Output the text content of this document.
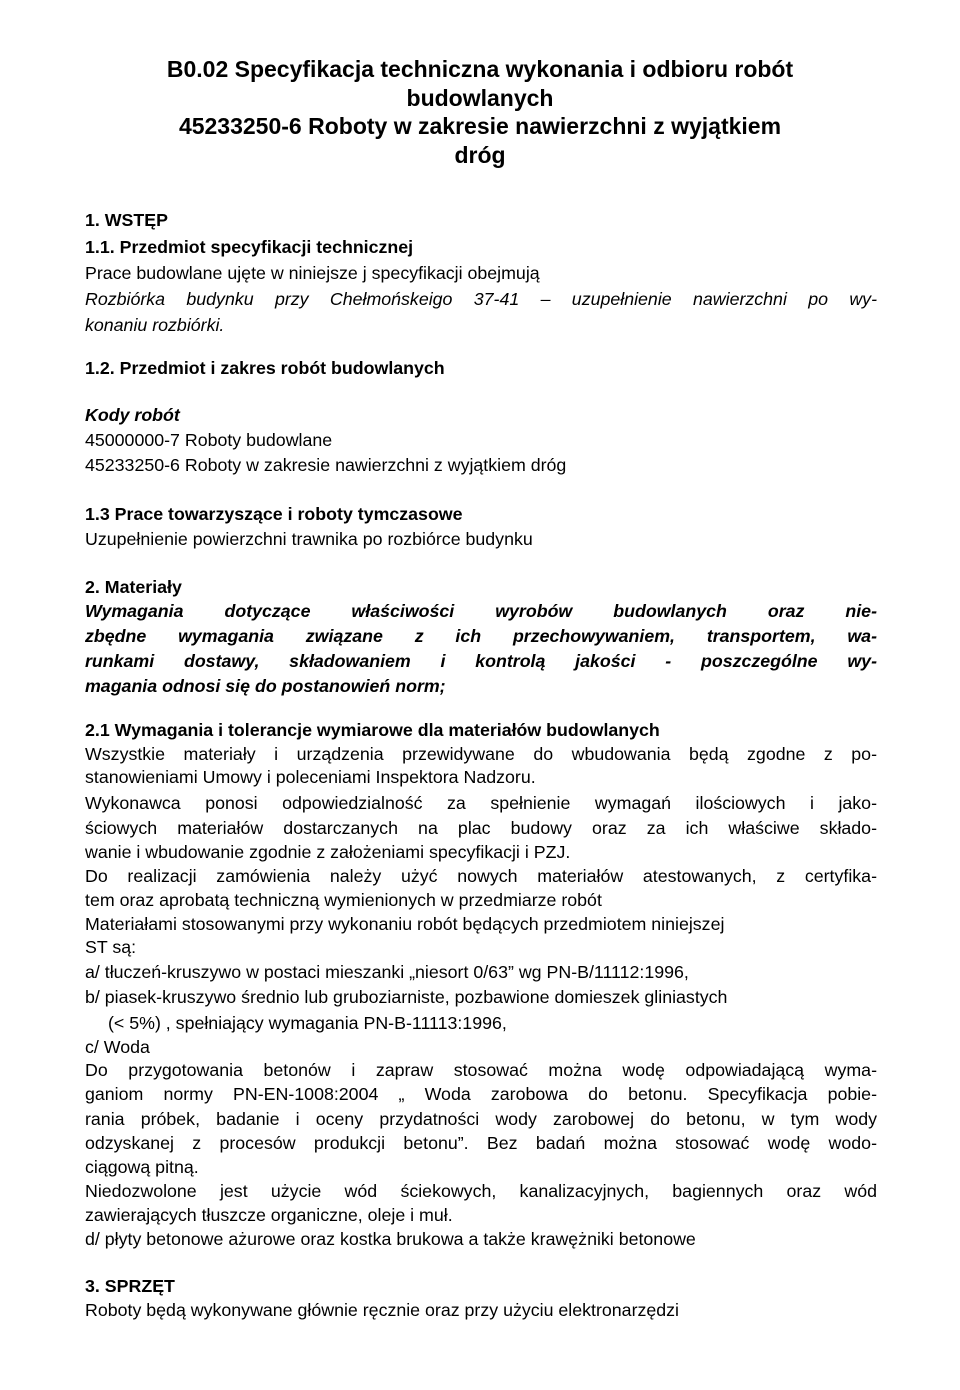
B0.02 Specyfikacja techniczna wykonania i odbioru robót
budowlanych
45233250-6 Roboty w zakresie nawierzchni z wyjątkiem
dróg
1. WSTĘP
1.1. Przedmiot specyfikacji technicznej
Prace budowlane ujęte w niniejsze j specyfikacji obejmują
Rozbiórka budynku przy Chełmońskeigo 37-41 – uzupełnienie nawierzchni po wy-
konaniu rozbiórki.
1.2. Przedmiot i zakres robót budowlanych
Kody robót
45000000-7 Roboty budowlane
45233250-6 Roboty w zakresie nawierzchni z wyjątkiem dróg
1.3 Prace towarzyszące i roboty tymczasowe
Uzupełnienie powierzchni trawnika po rozbiórce budynku
2. Materiały
Wymagania dotyczące właściwości wyrobów budowlanych oraz nie-
zbędne wymagania związane z ich przechowywaniem, transportem, wa-
runkami dostawy, składowaniem i kontrolą jakości - poszczególne wy-
magania odnosi się do postanowień norm;
2.1 Wymagania i tolerancje wymiarowe dla materiałów budowlanych
Wszystkie materiały i urządzenia przewidywane do wbudowania będą zgodne z po-
stanowieniami Umowy i poleceniami Inspektora Nadzoru.
Wykonawca ponosi odpowiedzialność za spełnienie wymagań ilościowych i jako-
ściowych materiałów dostarczanych na plac budowy oraz za ich właściwe składo-
wanie i wbudowanie zgodnie z założeniami specyfikacji i PZJ.
Do realizacji zamówienia należy użyć nowych materiałów atestowanych, z certyfika-
tem oraz aprobatą techniczną wymienionych w przedmiarze robót
Materiałami stosowanymi przy wykonaniu robót będących przedmiotem niniejszej
ST są:
a/ tłuczeń-kruszywo w postaci mieszanki „niesort 0/63” wg PN-B/11112:1996,
b/ piasek-kruszywo średnio lub gruboziarniste, pozbawione domieszek gliniastych
(< 5%) , spełniający wymagania PN-B-11113:1996,
c/ Woda
Do przygotowania betonów i zapraw stosować można wodę odpowiadającą wyma-
ganiom normy PN-EN-1008:2004 „ Woda zarobowa do betonu. Specyfikacja pobie-
rania próbek, badanie i oceny przydatności wody zarobowej do betonu, w tym wody
odzyskanej z procesów produkcji betonu”. Bez badań można stosować wodę wodo-
ciągową pitną.
Niedozwolone jest użycie wód ściekowych, kanalizacyjnych, bagiennych oraz wód
zawierających tłuszcze organiczne, oleje i muł.
d/ płyty betonowe ażurowe oraz kostka brukowa a także krawężniki betonowe
3. SPRZĘT
Roboty będą wykonywane głównie ręcznie oraz przy użyciu elektronarzędzi
